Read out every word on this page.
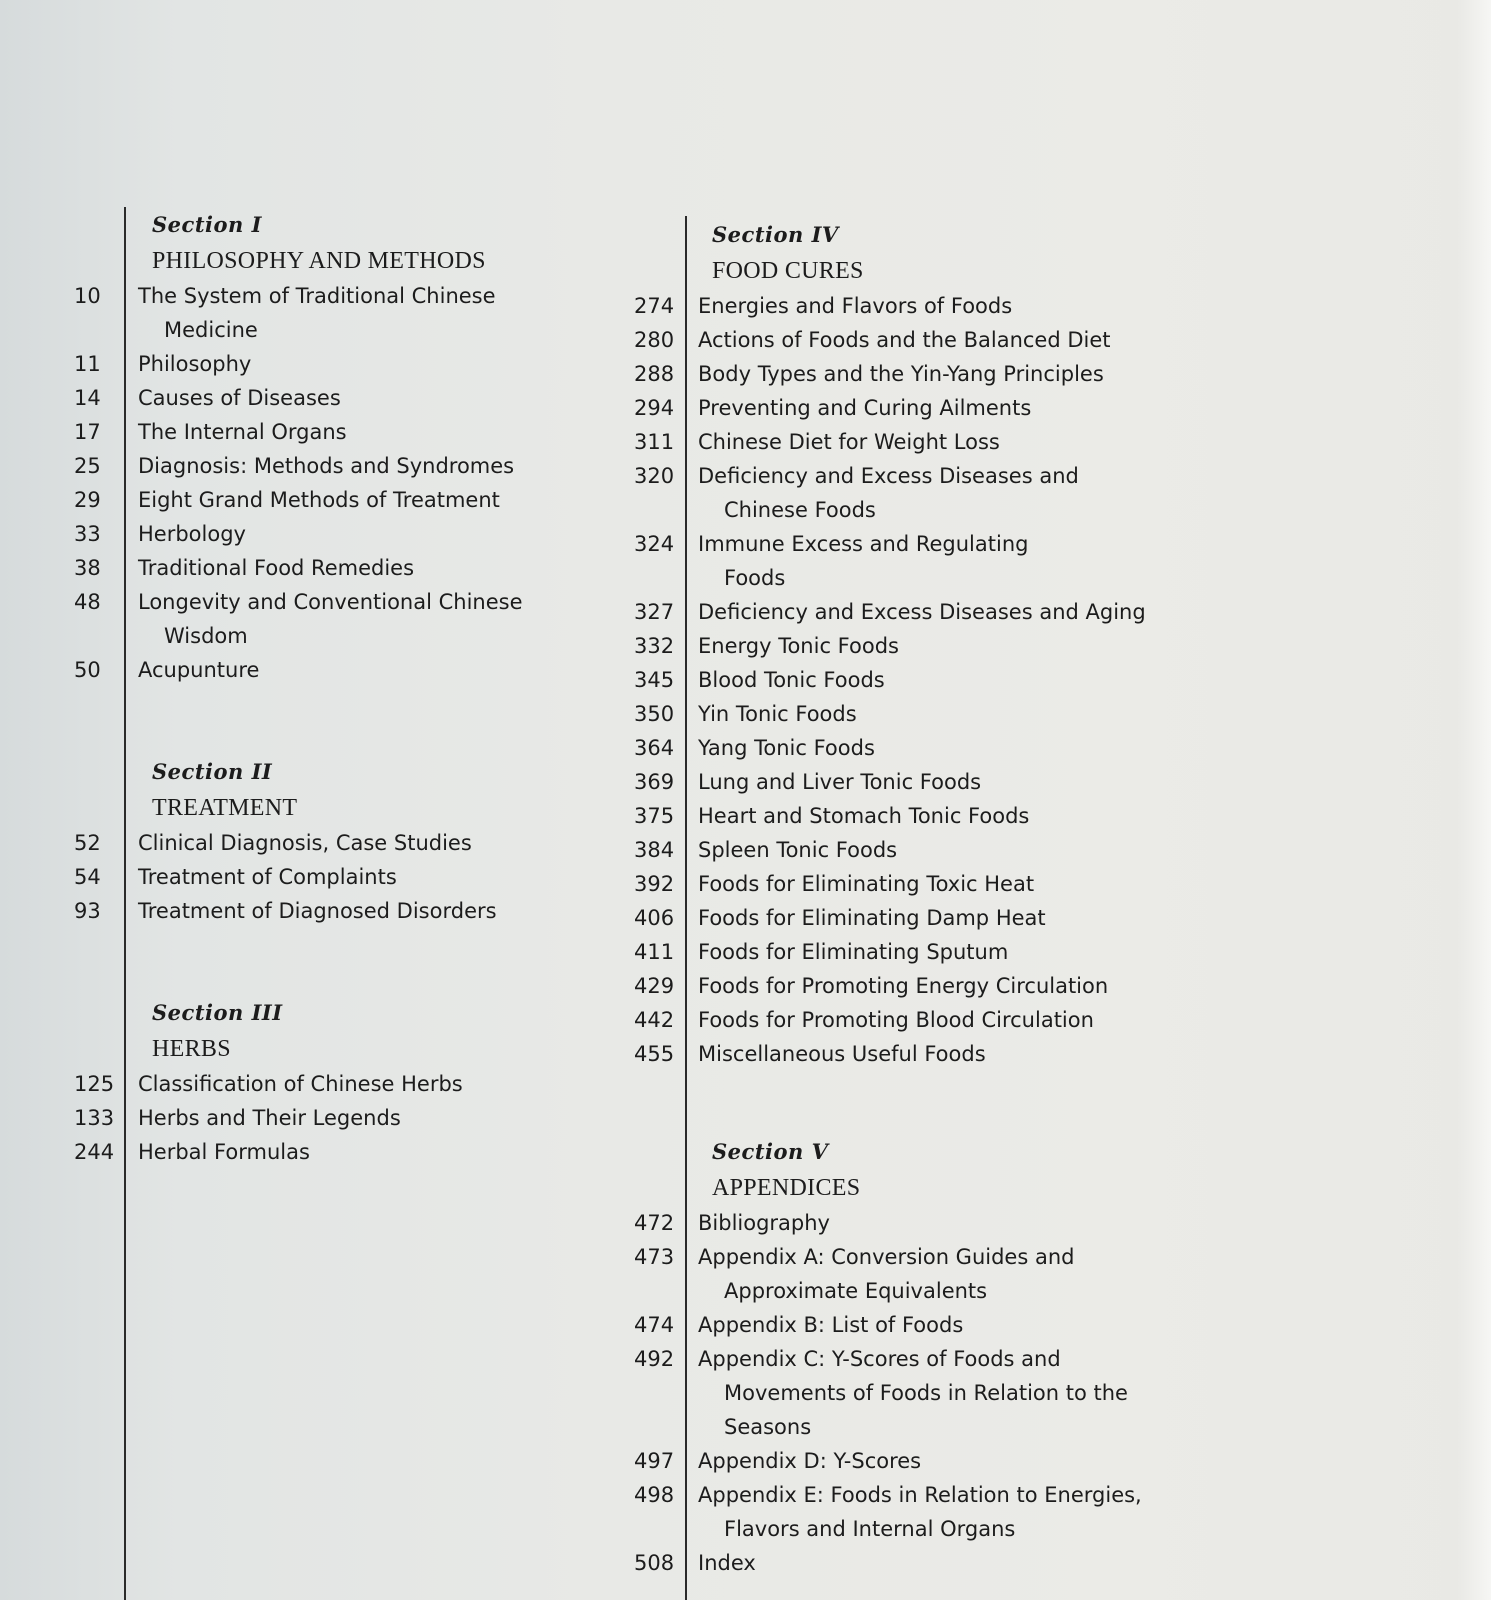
Section I
PHILOSOPHY AND METHODS
10	The System of Traditional Chinese
Medicine
11	Philosophy
14	Causes of Diseases
17	The Internal Organs
25	Diagnosis: Methods and Syndromes
29	Eight Grand Methods of Treatment
33	Herbology
38	Traditional Food Remedies
48	Longevity and Conventional Chinese
Wisdom
50	Acupunture
Section II
TREATMENT
52	Clinical Diagnosis, Case Studies
54	Treatment of Complaints
93	Treatment of Diagnosed Disorders
Section III
HERBS
125 Classification of Chinese Herbs
133 Herbs and Their Legends
244 Herbal Formulas
Section IV
FOOD CURES
274 Energies and Flavors of Foods
280 Actions of Foods and the Balanced Diet
288 Body Types and the Yin-Yang Principles
294 Preventing and Curing Ailments
311 Chinese Diet for Weight Loss
320 Deficiency and Excess Diseases and
Chinese Foods
324 Immune Excess and Regulating
Foods
327 Deficiency and Excess Diseases and Aging
332 Energy Tonic Foods
345 Blood Tonic Foods
350 Yin Tonic Foods
364 Yang Tonic Foods
369 Lung and Liver Tonic Foods
375 Heart and Stomach Tonic Foods
384 Spleen Tonic Foods
392 Foods for Eliminating Toxic Heat
406 Foods for Eliminating Damp Heat
411 Foods for Eliminating Sputum
429 Foods for Promoting Energy Circulation
442 Foods for Promoting Blood Circulation
455 Miscellaneous Useful Foods
Section V
APPENDICES
472 Bibliography
473 Appendix A: Conversion Guides and
Approximate Equivalents
474 Appendix B: List of Foods
492 Appendix C: Y-Scores of Foods and
Movements of Foods in Relation to the
Seasons
497 Appendix D: Y-Scores
498 Appendix E: Foods in Relation to Energies,
Flavors and Internal Organs
508 Index
